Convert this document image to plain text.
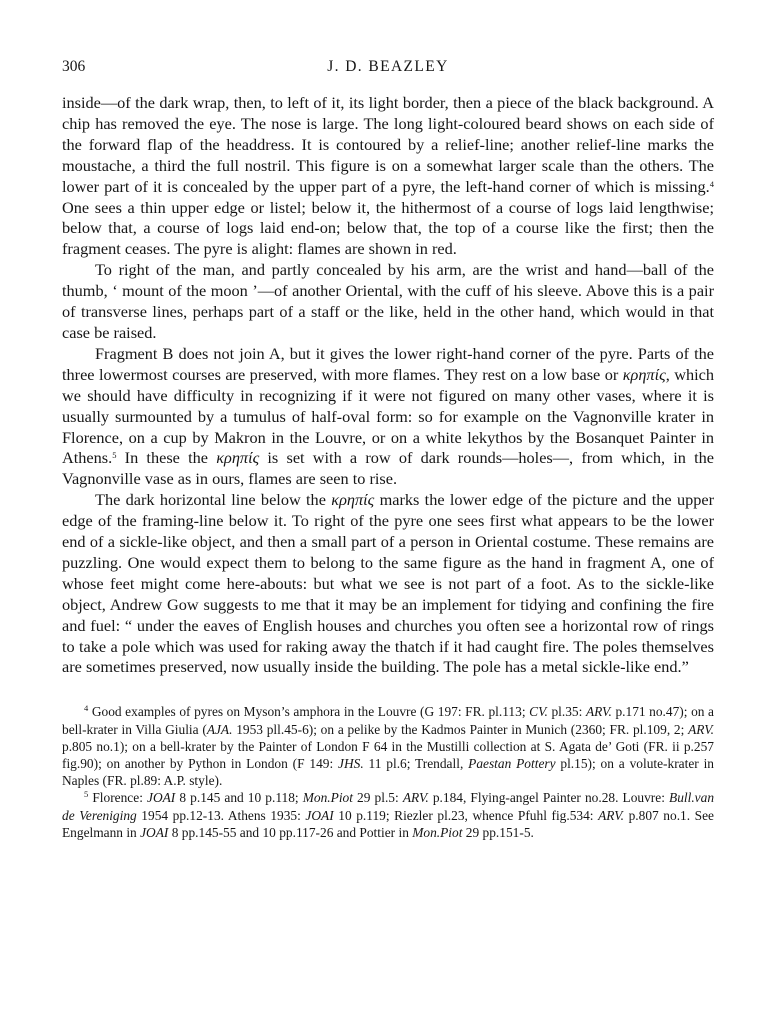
306	J. D. BEAZLEY

inside—of the dark wrap, then, to left of it, its light border, then a piece of the black background. A chip has removed the eye. The nose is large. The long light-coloured beard shows on each side of the forward flap of the headdress. It is contoured by a relief-line; another relief-line marks the moustache, a third the full nostril. This figure is on a somewhat larger scale than the others. The lower part of it is concealed by the upper part of a pyre, the left-hand corner of which is missing.$^4$ One sees a thin upper edge or listel; below it, the hithermost of a course of logs laid lengthwise; below that, a course of logs laid end-on; below that, the top of a course like the first; then the fragment ceases. The pyre is alight: flames are shown in red.

To right of the man, and partly concealed by his arm, are the wrist and hand—ball of the thumb, ‘ mount of the moon ’—of another Oriental, with the cuff of his sleeve. Above this is a pair of transverse lines, perhaps part of a staff or the like, held in the other hand, which would in that case be raised.

Fragment B does not join A, but it gives the lower right-hand corner of the pyre. Parts of the three lowermost courses are preserved, with more flames. They rest on a low base or κρηπίς, which we should have difficulty in recognizing if it were not figured on many other vases, where it is usually surmounted by a tumulus of half-oval form: so for example on the Vagnonville krater in Florence, on a cup by Makron in the Louvre, or on a white lekythos by the Bosanquet Painter in Athens.$^5$ In these the κρηπίς is set with a row of dark rounds—holes—, from which, in the Vagnonville vase as in ours, flames are seen to rise.

The dark horizontal line below the κρηπίς marks the lower edge of the picture and the upper edge of the framing-line below it. To right of the pyre one sees first what appears to be the lower end of a sickle-like object, and then a small part of a person in Oriental costume. These remains are puzzling. One would expect them to belong to the same figure as the hand in fragment A, one of whose feet might come here-abouts: but what we see is not part of a foot. As to the sickle-like object, Andrew Gow suggests to me that it may be an implement for tidying and confining the fire and fuel: “ under the eaves of English houses and churches you often see a horizontal row of rings to take a pole which was used for raking away the thatch if it had caught fire. The poles themselves are sometimes preserved, now usually inside the building. The pole has a metal sickle-like end.”

$^4$ Good examples of pyres on Myson’s amphora in the Louvre (G 197: FR. pl.113; CV. pl.35: ARV. p.171 no.47); on a bell-krater in Villa Giulia (AJA. 1953 pll.45-6); on a pelike by the Kadmos Painter in Munich (2360; FR. pl.109, 2; ARV. p.805 no.1); on a bell-krater by the Painter of London F 64 in the Mustilli collection at S. Agata de’ Goti (FR. ii p.257 fig.90); on another by Python in London (F 149: JHS. 11 pl.6; Trendall, Paestan Pottery pl.15); on a volute-krater in Naples (FR. pl.89: A.P. style).

$^5$ Florence: JOAI 8 p.145 and 10 p.118; Mon.Piot 29 pl.5: ARV. p.184, Flying-angel Painter no.28. Louvre: Bull.van de Vereniging 1954 pp.12-13. Athens 1935: JOAI 10 p.119; Riezler pl.23, whence Pfuhl fig.534: ARV. p.807 no.1. See Engelmann in JOAI 8 pp.145-55 and 10 pp.117-26 and Pottier in Mon.Piot 29 pp.151-5.
